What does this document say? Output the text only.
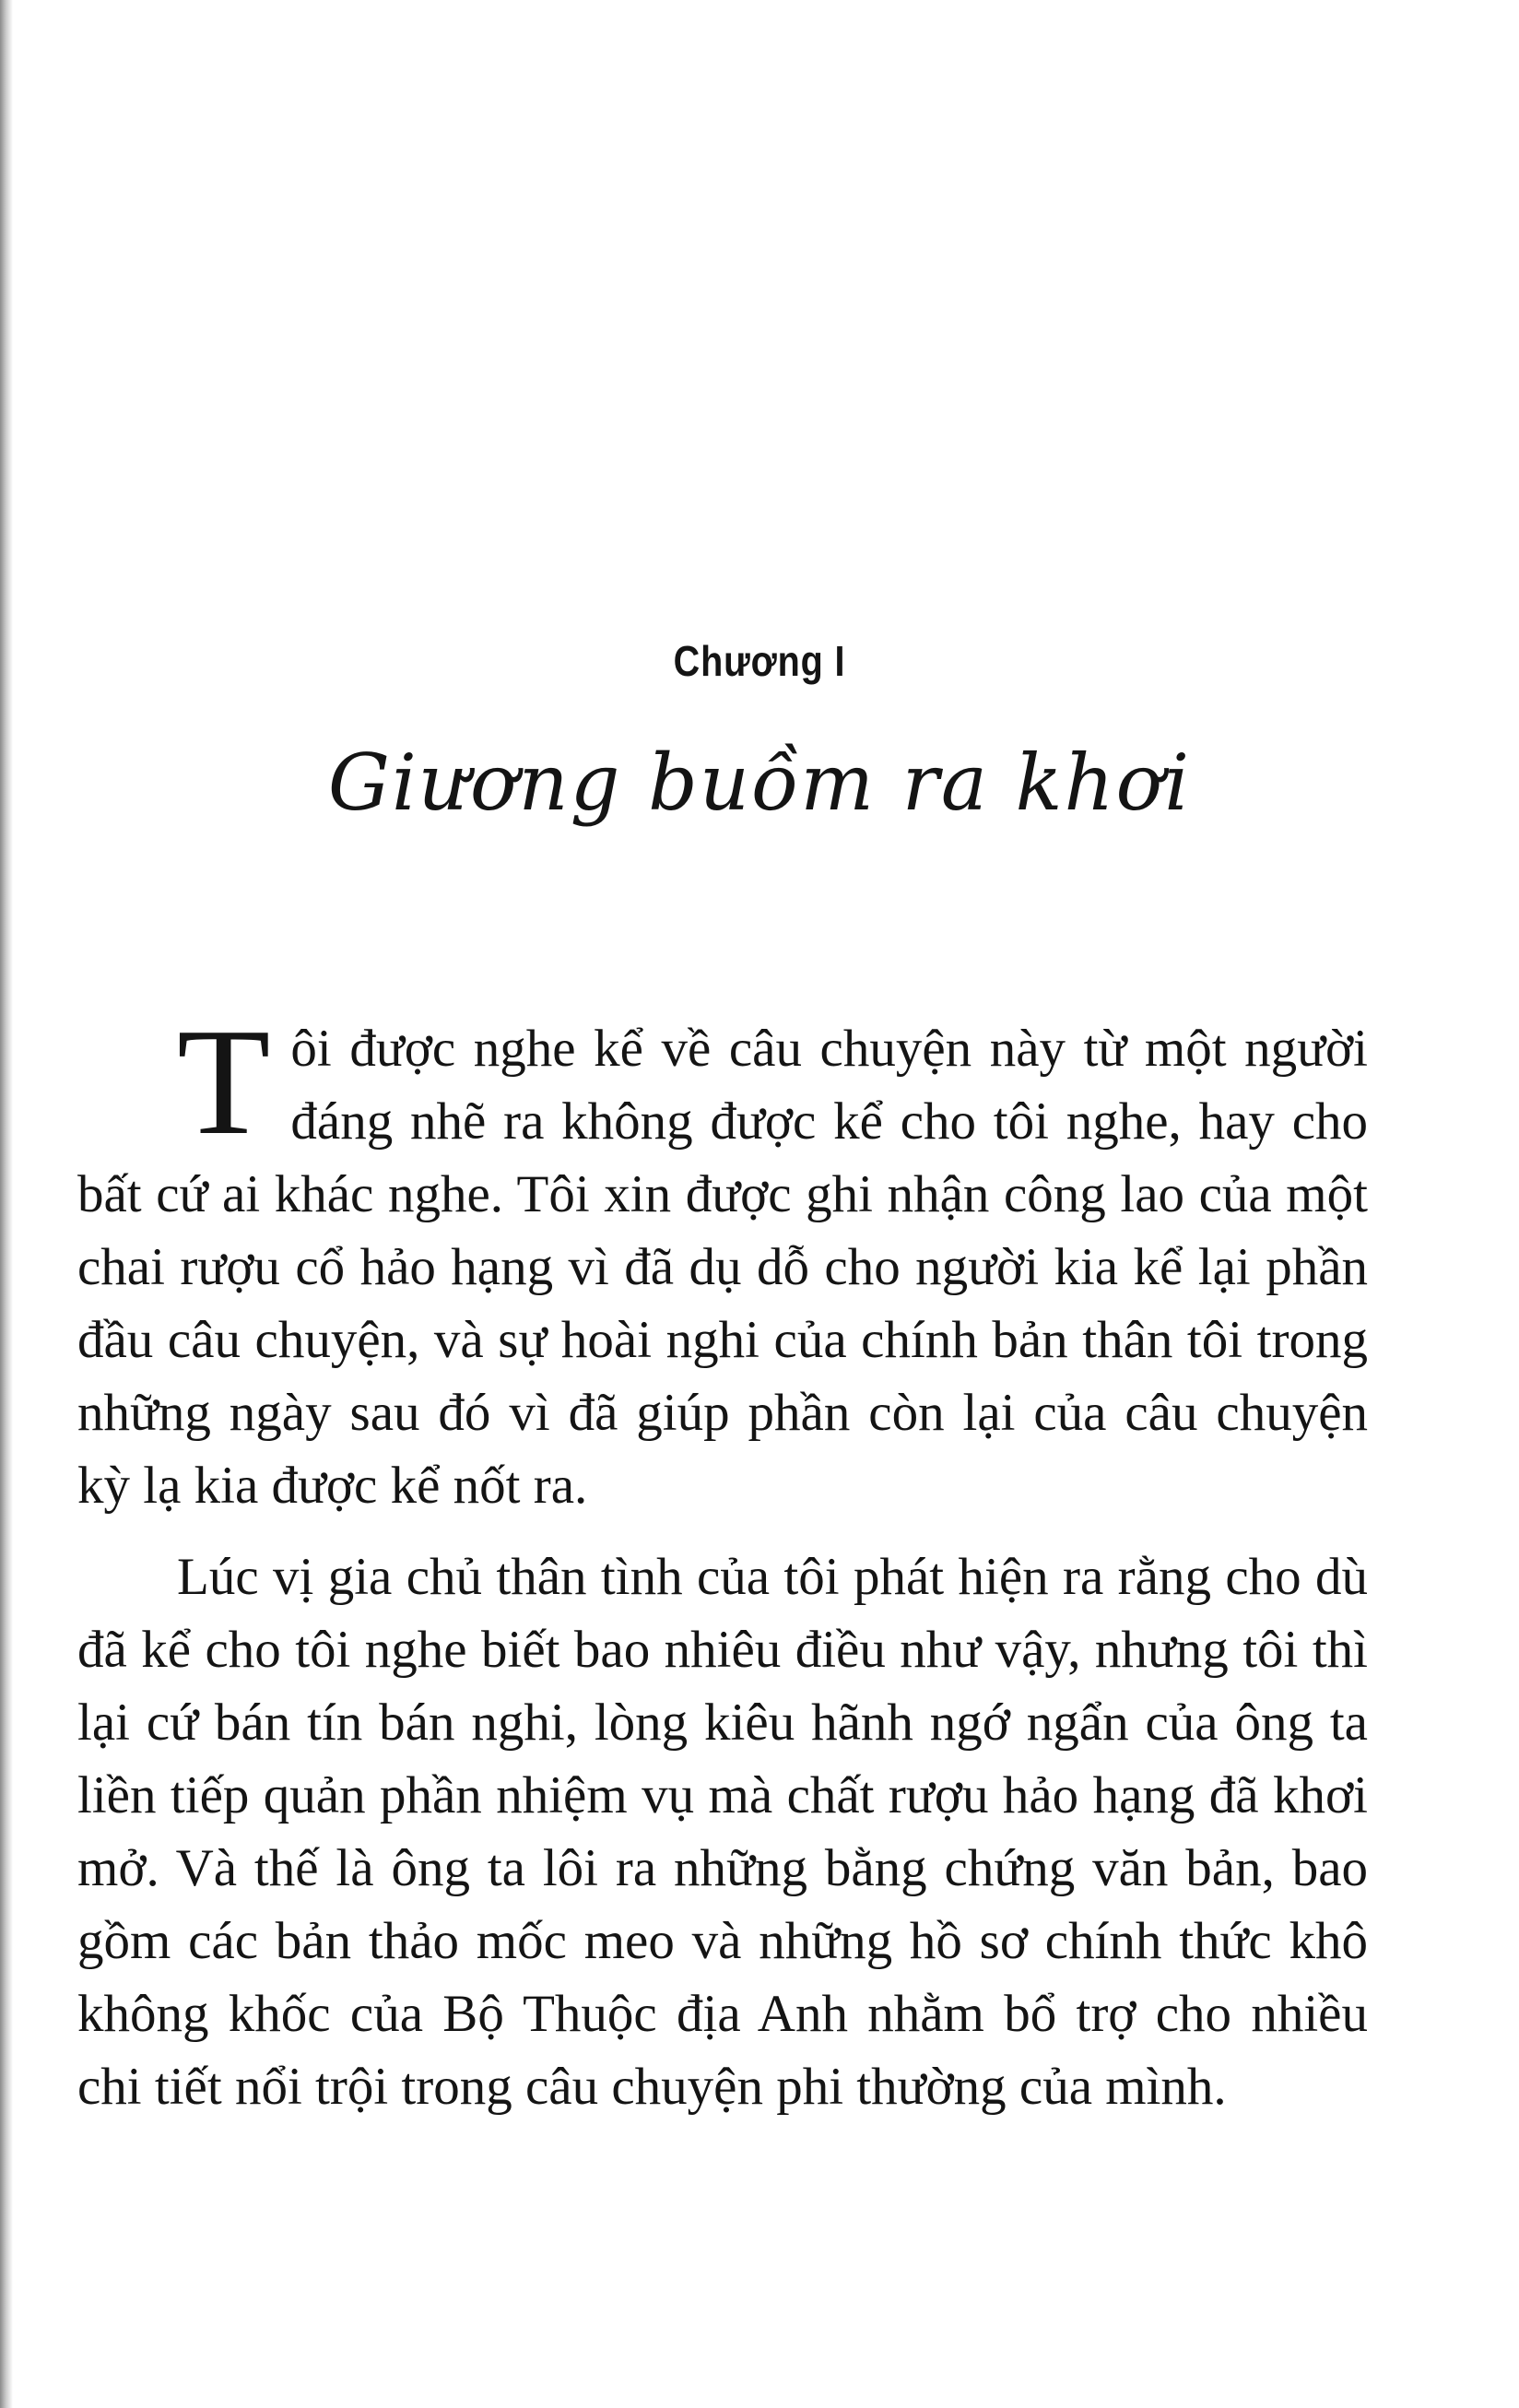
Chương I
Giương buồm ra khơi

Tôi được nghe kể về câu chuyện này từ một người đáng nhẽ ra không được kể cho tôi nghe, hay cho bất cứ ai khác nghe. Tôi xin được ghi nhận công lao của một chai rượu cổ hảo hạng vì đã dụ dỗ cho người kia kể lại phần đầu câu chuyện, và sự hoài nghi của chính bản thân tôi trong những ngày sau đó vì đã giúp phần còn lại của câu chuyện kỳ lạ kia được kể nốt ra.

Lúc vị gia chủ thân tình của tôi phát hiện ra rằng cho dù đã kể cho tôi nghe biết bao nhiêu điều như vậy, nhưng tôi thì lại cứ bán tín bán nghi, lòng kiêu hãnh ngớ ngẩn của ông ta liền tiếp quản phần nhiệm vụ mà chất rượu hảo hạng đã khơi mở. Và thế là ông ta lôi ra những bằng chứng văn bản, bao gồm các bản thảo mốc meo và những hồ sơ chính thức khô không khốc của Bộ Thuộc địa Anh nhằm bổ trợ cho nhiều chi tiết nổi trội trong câu chuyện phi thường của mình.
